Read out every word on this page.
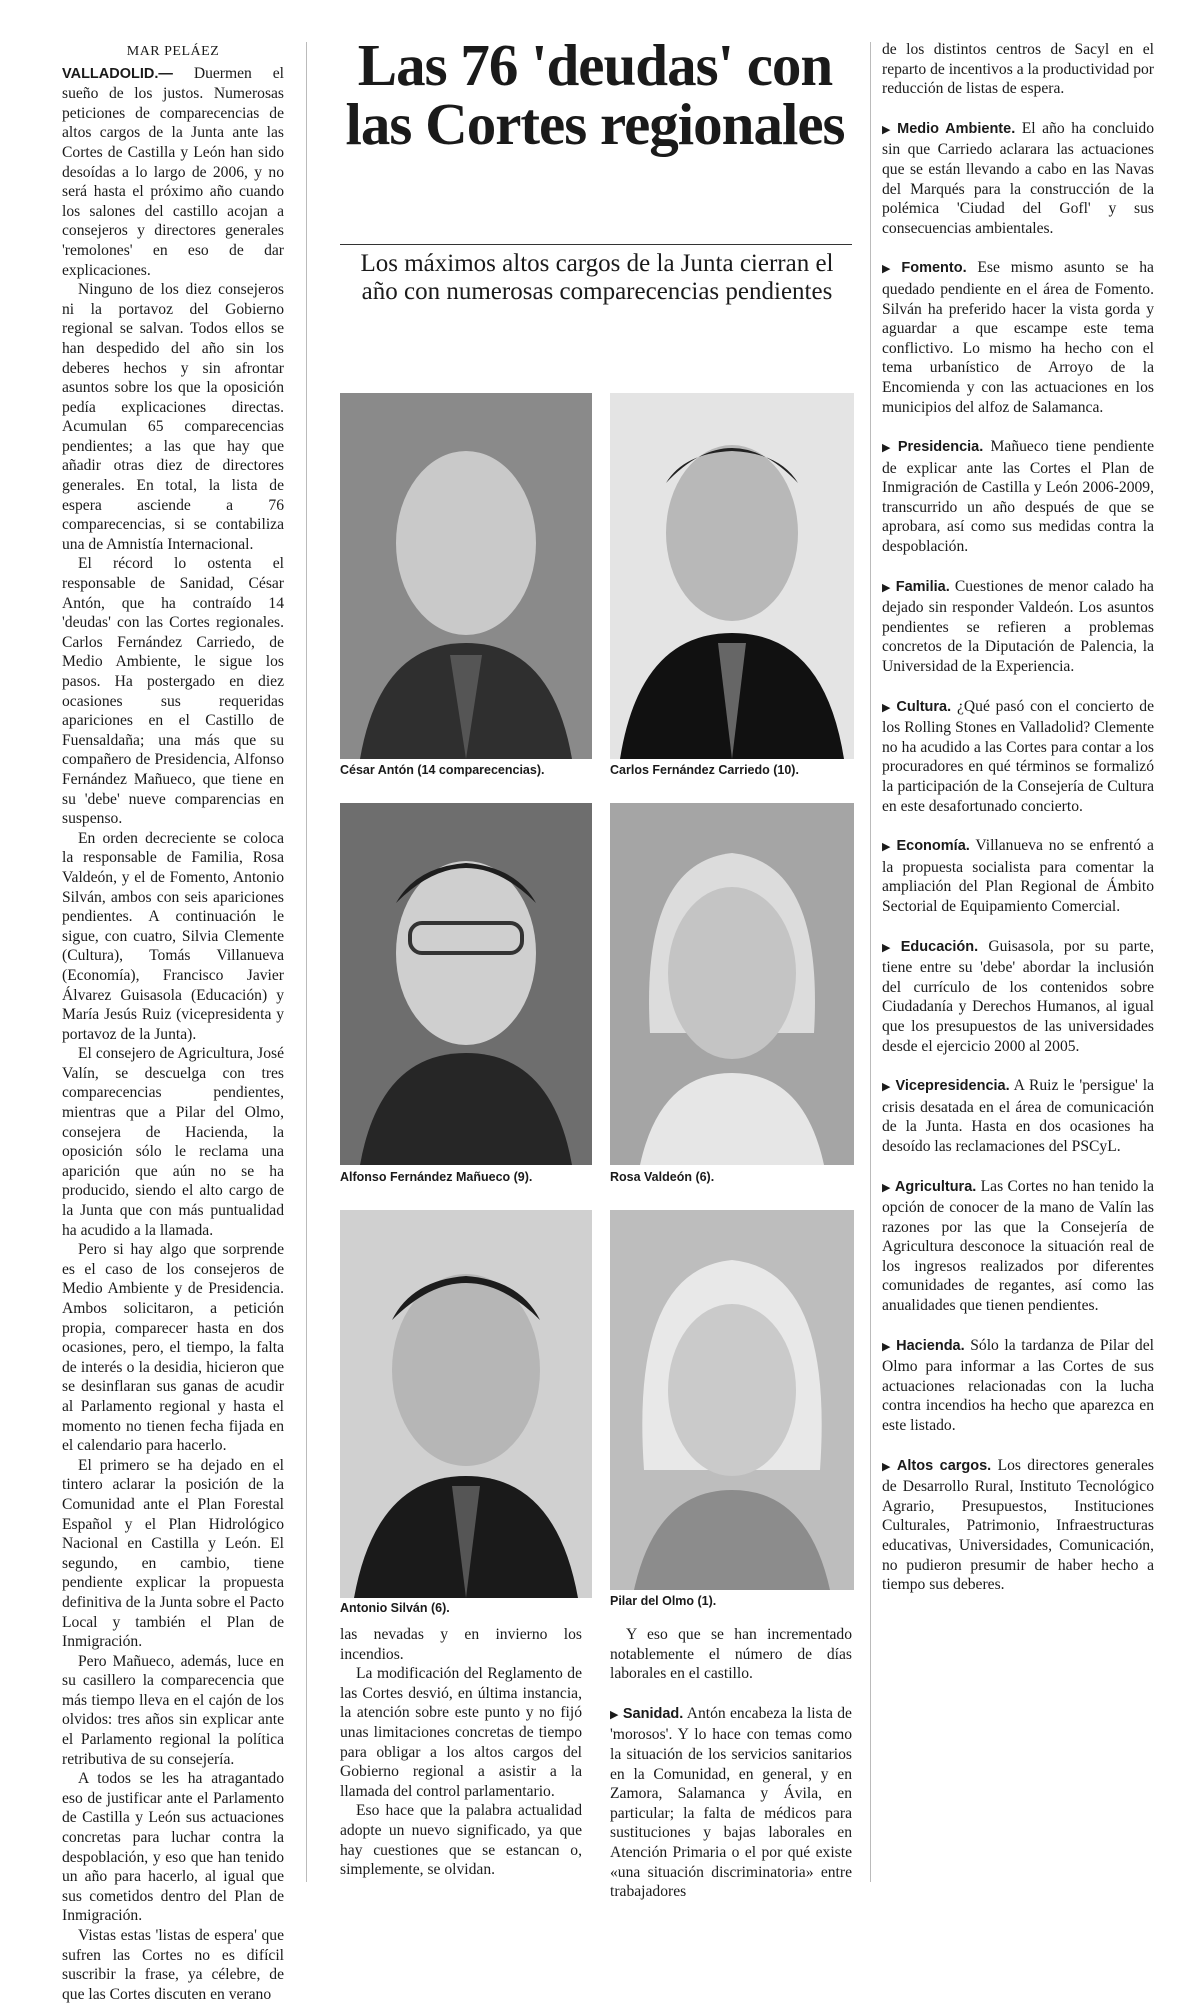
MAR PELÁEZ

VALLADOLID.— Duermen el sueño de los justos. Numerosas peticiones de comparecencias de altos cargos de la Junta ante las Cortes de Castilla y León han sido desoídas a lo largo de 2006, y no será hasta el próximo año cuando los salones del castillo acojan a consejeros y directores generales 'remolones' en eso de dar explicaciones.

Ninguno de los diez consejeros ni la portavoz del Gobierno regional se salvan. Todos ellos se han despedido del año sin los deberes hechos y sin afrontar asuntos sobre los que la oposición pedía explicaciones directas. Acumulan 65 comparecencias pendientes; a las que hay que añadir otras diez de directores generales. En total, la lista de espera asciende a 76 comparecencias, si se contabiliza una de Amnistía Internacional.

El récord lo ostenta el responsable de Sanidad, César Antón, que ha contraído 14 'deudas' con las Cortes regionales. Carlos Fernández Carriedo, de Medio Ambiente, le sigue los pasos. Ha postergado en diez ocasiones sus requeridas apariciones en el Castillo de Fuensaldaña; una más que su compañero de Presidencia, Alfonso Fernández Mañueco, que tiene en su 'debe' nueve comparencias en suspenso.

En orden decreciente se coloca la responsable de Familia, Rosa Valdeón, y el de Fomento, Antonio Silván, ambos con seis apariciones pendientes. A continuación le sigue, con cuatro, Silvia Clemente (Cultura), Tomás Villanueva (Economía), Francisco Javier Álvarez Guisasola (Educación) y María Jesús Ruiz (vicepresidenta y portavoz de la Junta).

El consejero de Agricultura, José Valín, se descuelga con tres comparecencias pendientes, mientras que a Pilar del Olmo, consejera de Hacienda, la oposición sólo le reclama una aparición que aún no se ha producido, siendo el alto cargo de la Junta que con más puntualidad ha acudido a la llamada.

Pero si hay algo que sorprende es el caso de los consejeros de Medio Ambiente y de Presidencia. Ambos solicitaron, a petición propia, comparecer hasta en dos ocasiones, pero, el tiempo, la falta de interés o la desidia, hicieron que se desinflaran sus ganas de acudir al Parlamento regional y hasta el momento no tienen fecha fijada en el calendario para hacerlo.

El primero se ha dejado en el tintero aclarar la posición de la Comunidad ante el Plan Forestal Español y el Plan Hidrológico Nacional en Castilla y León. El segundo, en cambio, tiene pendiente explicar la propuesta definitiva de la Junta sobre el Pacto Local y también el Plan de Inmigración.

Pero Mañueco, además, luce en su casillero la comparecencia que más tiempo lleva en el cajón de los olvidos: tres años sin explicar ante el Parlamento regional la política retributiva de su consejería.

A todos se les ha atragantado eso de justificar ante el Parlamento de Castilla y León sus actuaciones concretas para luchar contra la despoblación, y eso que han tenido un año para hacerlo, al igual que sus cometidos dentro del Plan de Inmigración.

Vistas estas 'listas de espera' que sufren las Cortes no es difícil suscribir la frase, ya célebre, de que las Cortes discuten en verano

Las 76 'deudas' con las Cortes regionales

Los máximos altos cargos de la Junta cierran el año con numerosas comparecencias pendientes

César Antón (14 comparecencias).	Carlos Fernández Carriedo (10).
Alfonso Fernández Mañueco (9).	Rosa Valdeón (6).
Antonio Silván (6).	Pilar del Olmo (1).

las nevadas y en invierno los incendios.

La modificación del Reglamento de las Cortes desvió, en última instancia, la atención sobre este punto y no fijó unas limitaciones concretas de tiempo para obligar a los altos cargos del Gobierno regional a asistir a la llamada del control parlamentario.

Eso hace que la palabra actualidad adopte un nuevo significado, ya que hay cuestiones que se estancan o, simplemente, se olvidan.

Y eso que se han incrementado notablemente el número de días laborales en el castillo.

▶ Sanidad. Antón encabeza la lista de 'morosos'. Y lo hace con temas como la situación de los servicios sanitarios en la Comunidad, en general, y en Zamora, Salamanca y Ávila, en particular; la falta de médicos para sustituciones y bajas laborales en Atención Primaria o el por qué existe «una situación discriminatoria» entre trabajadores

de los distintos centros de Sacyl en el reparto de incentivos a la productividad por reducción de listas de espera.

▶ Medio Ambiente. El año ha concluido sin que Carriedo aclarara las actuaciones que se están llevando a cabo en las Navas del Marqués para la construcción de la polémica 'Ciudad del Gofl' y sus consecuencias ambientales.

▶ Fomento. Ese mismo asunto se ha quedado pendiente en el área de Fomento. Silván ha preferido hacer la vista gorda y aguardar a que escampe este tema conflictivo. Lo mismo ha hecho con el tema urbanístico de Arroyo de la Encomienda y con las actuaciones en los municipios del alfoz de Salamanca.

▶ Presidencia. Mañueco tiene pendiente de explicar ante las Cortes el Plan de Inmigración de Castilla y León 2006-2009, transcurrido un año después de que se aprobara, así como sus medidas contra la despoblación.

▶ Familia. Cuestiones de menor calado ha dejado sin responder Valdeón. Los asuntos pendientes se refieren a problemas concretos de la Diputación de Palencia, la Universidad de la Experiencia.

▶ Cultura. ¿Qué pasó con el concierto de los Rolling Stones en Valladolid? Clemente no ha acudido a las Cortes para contar a los procuradores en qué términos se formalizó la participación de la Consejería de Cultura en este desafortunado concierto.

▶ Economía. Villanueva no se enfrentó a la propuesta socialista para comentar la ampliación del Plan Regional de Ámbito Sectorial de Equipamiento Comercial.

▶ Educación. Guisasola, por su parte, tiene entre su 'debe' abordar la inclusión del currículo de los contenidos sobre Ciudadanía y Derechos Humanos, al igual que los presupuestos de las universidades desde el ejercicio 2000 al 2005.

▶ Vicepresidencia. A Ruiz le 'persigue' la crisis desatada en el área de comunicación de la Junta. Hasta en dos ocasiones ha desoído las reclamaciones del PSCyL.

▶ Agricultura. Las Cortes no han tenido la opción de conocer de la mano de Valín las razones por las que la Consejería de Agricultura desconoce la situación real de los ingresos realizados por diferentes comunidades de regantes, así como las anualidades que tienen pendientes.

▶ Hacienda. Sólo la tardanza de Pilar del Olmo para informar a las Cortes de sus actuaciones relacionadas con la lucha contra incendios ha hecho que aparezca en este listado.

▶ Altos cargos. Los directores generales de Desarrollo Rural, Instituto Tecnológico Agrario, Presupuestos, Instituciones Culturales, Patrimonio, Infraestructuras educativas, Universidades, Comunicación, no pudieron presumir de haber hecho a tiempo sus deberes.
